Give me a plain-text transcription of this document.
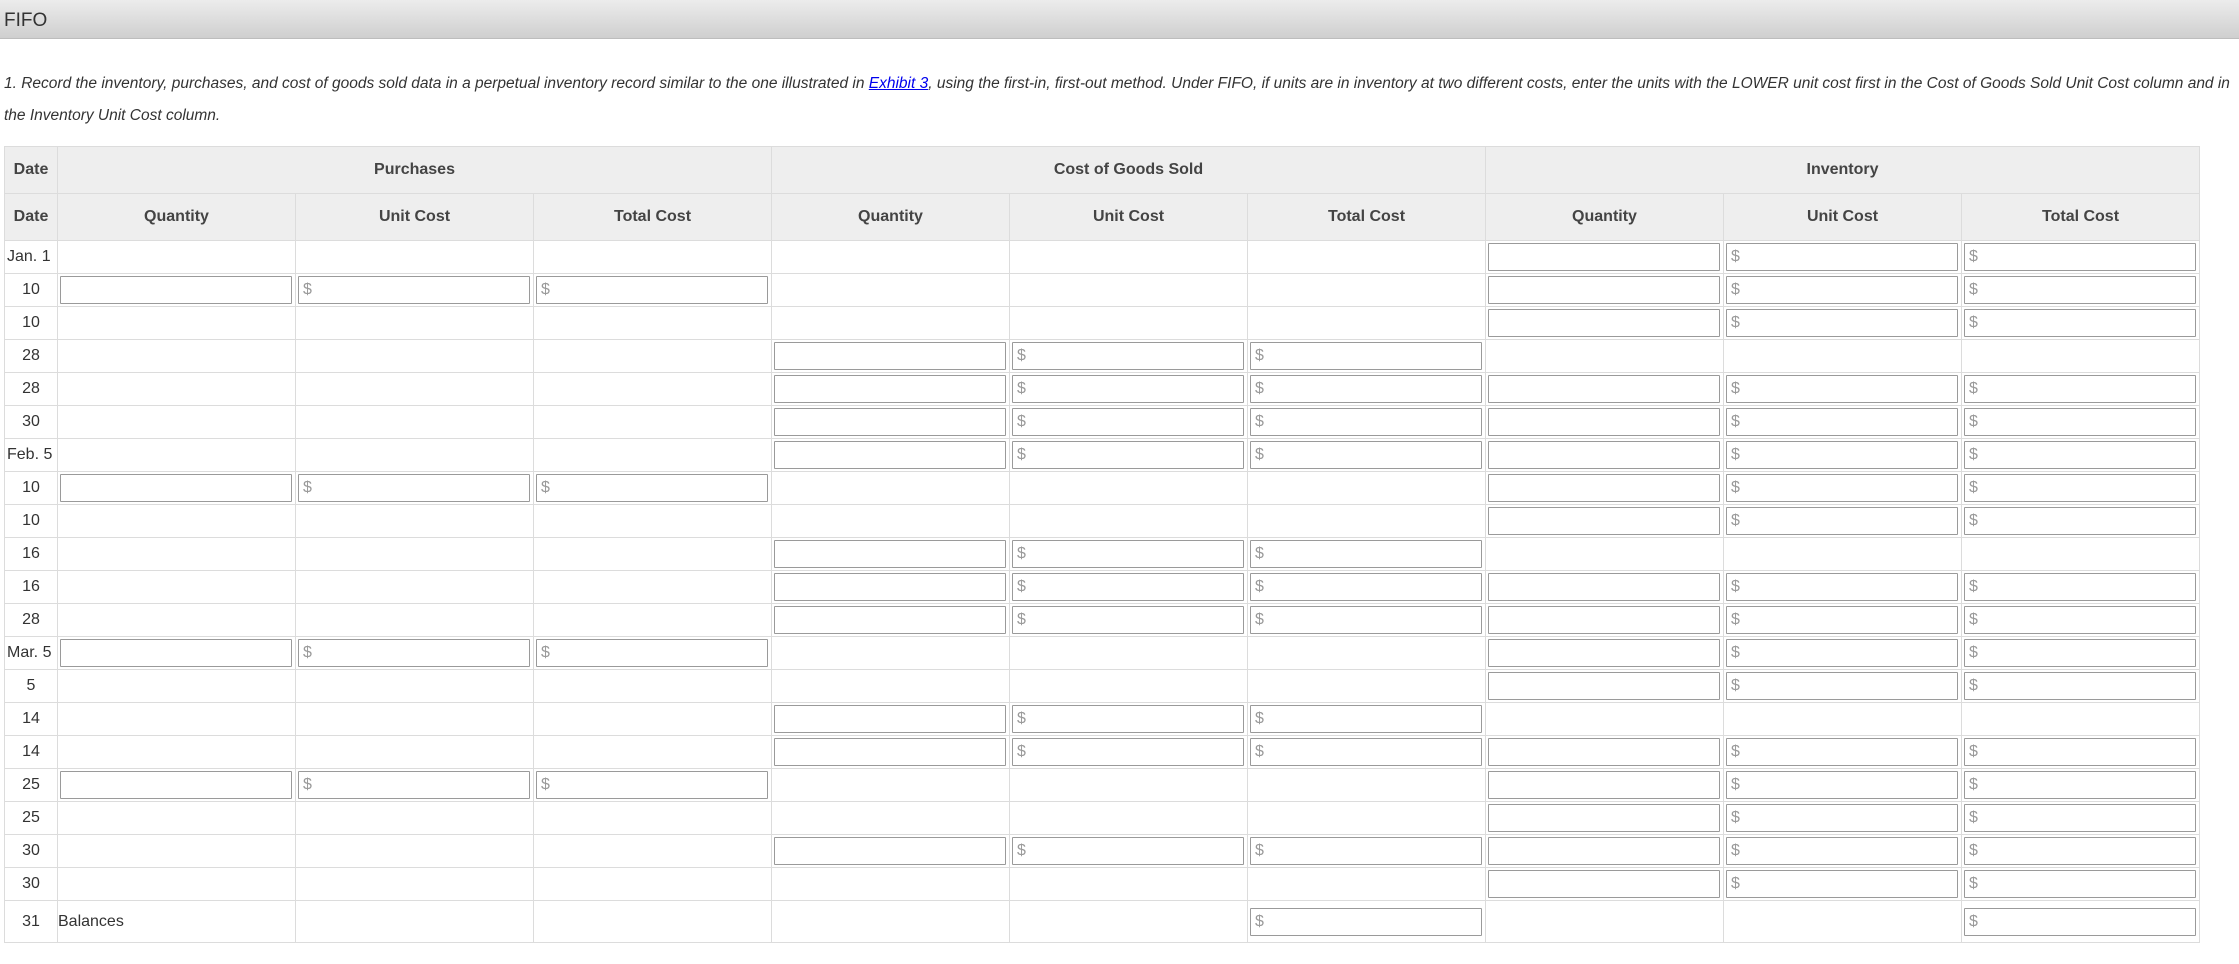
FIFO
1. Record the inventory, purchases, and cost of goods sold data in a perpetual inventory record similar to the one illustrated in Exhibit 3, using the first-in, first-out method. Under FIFO, if units are in inventory at two different costs, enter the units with the LOWER unit cost first in the Cost of Goods Sold Unit Cost column and in the Inventory Unit Cost column.
Date	Purchases			Cost of Goods Sold			Inventory		
Date	Quantity	Unit Cost	Total Cost	Quantity	Unit Cost	Total Cost	Quantity	Unit Cost	Total Cost
Jan. 1								$	$

10		$	$					$	$

10								$	$

28					$	$			

28					$	$		$	$

30					$	$		$	$

Feb. 5					$	$		$	$

10		$	$					$	$

10								$	$

16					$	$			

16					$	$		$	$

28					$	$		$	$

Mar. 5		$	$					$	$

5								$	$

14					$	$			

14					$	$		$	$

25		$	$					$	$

25								$	$

30					$	$		$	$

30								$	$

31	Balances					$			$
